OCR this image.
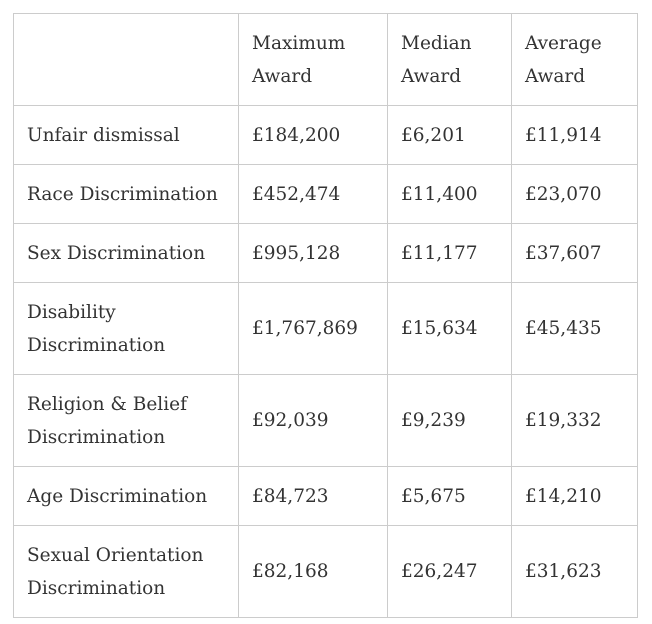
	Maximum Award	Median Award	Average Award
Unfair dismissal	£184,200	£6,201	£11,914
Race Discrimination	£452,474	£11,400	£23,070
Sex Discrimination	£995,128	£11,177	£37,607
Disability Discrimination	£1,767,869	£15,634	£45,435
Religion & Belief Discrimination	£92,039	£9,239	£19,332
Age Discrimination	£84,723	£5,675	£14,210
Sexual Orientation Discrimination	£82,168	£26,247	£31,623
